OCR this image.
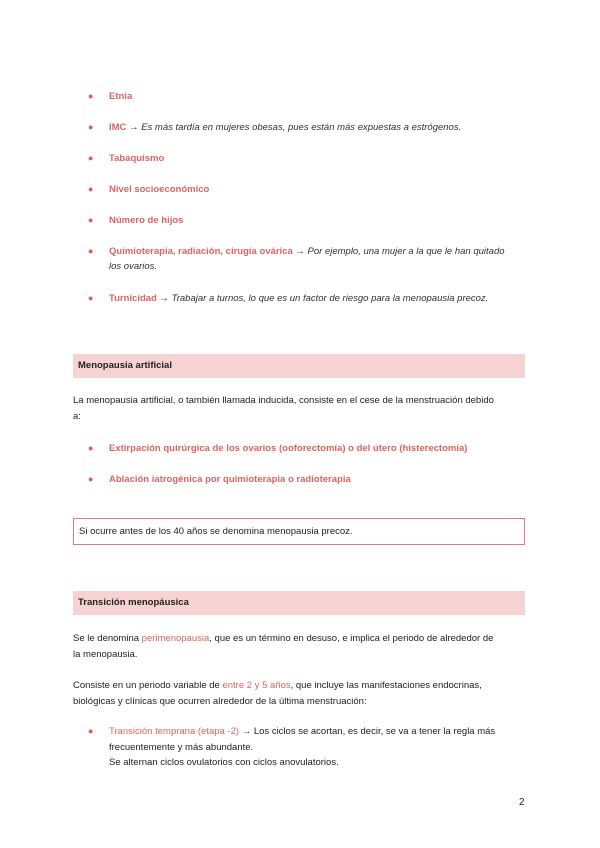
● Etnia
● IMC → Es más tardía en mujeres obesas, pues están más expuestas a estrógenos.
● Tabaquismo
● Nivel socioeconómico
● Número de hijos
● Quimioterapia, radiación, cirugía ovárica → Por ejemplo, una mujer a la que le han quitado
los ovarios.
● Turnicidad → Trabajar a turnos, lo que es un factor de riesgo para la menopausia precoz.
Menopausia artificial
La menopausia artificial, o también llamada inducida, consiste en el cese de la menstruación debido
a:
● Extirpación quirúrgica de los ovarios (ooforectomía) o del útero (histerectomía)
● Ablación iatrogénica por quimioterapia o radioterapia
Si ocurre antes de los 40 años se denomina menopausia precoz.
Transición menopáusica
Se le denomina perimenopausia, que es un término en desuso, e implica el periodo de alrededor de
la menopausia.
Consiste en un periodo variable de entre 2 y 5 años, que incluye las manifestaciones endocrinas,
biológicas y clínicas que ocurren alrededor de la última menstruación:
● Transición temprana (etapa -2) → Los ciclos se acortan, es decir, se va a tener la regla más
frecuentemente y más abundante.
Se alternan ciclos ovulatorios con ciclos anovulatorios.
2
